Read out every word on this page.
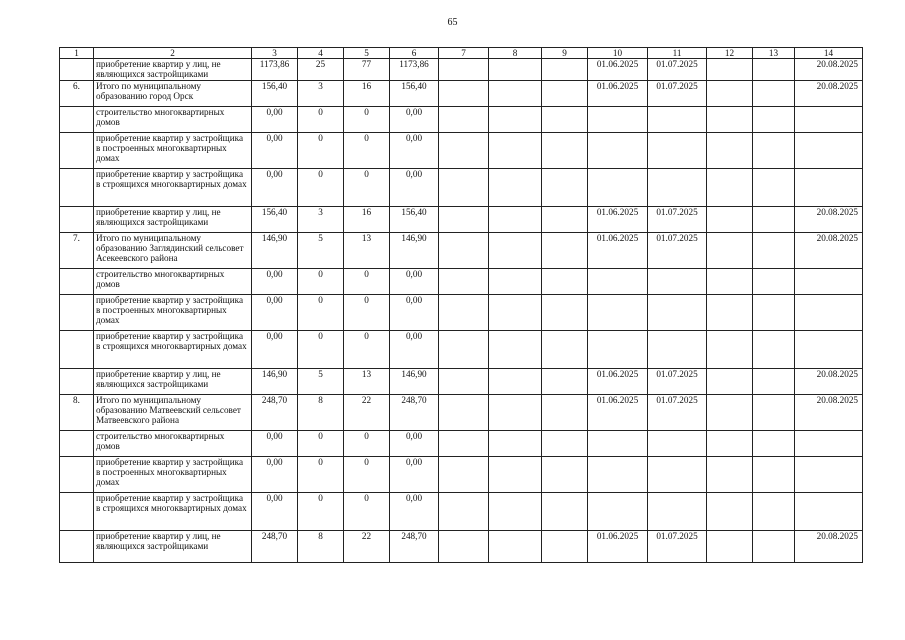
65
1	2	3	4	5	6	7	8	9	10	11	12	13	14
	приобретение квартир у лиц, не являющихся застройщиками	1173,86	25	77	1173,86				01.06.2025	01.07.2025			20.08.2025
6.	Итого по муниципальному образованию город Орск	156,40	3	16	156,40				01.06.2025	01.07.2025			20.08.2025
	строительство многоквартирных домов	0,00	0	0	0,00								
	приобретение квартир у застройщика в построенных многоквартирных домах	0,00	0	0	0,00								
	приобретение квартир у застройщика в строящихся многоквартирных домах	0,00	0	0	0,00								
	приобретение квартир у лиц, не являющихся застройщиками	156,40	3	16	156,40				01.06.2025	01.07.2025			20.08.2025
7.	Итого по муниципальному образованию Заглядинский сельсовет Асекеевского района	146,90	5	13	146,90				01.06.2025	01.07.2025			20.08.2025
	строительство многоквартирных домов	0,00	0	0	0,00								
	приобретение квартир у застройщика в построенных многоквартирных домах	0,00	0	0	0,00								
	приобретение квартир у застройщика в строящихся многоквартирных домах	0,00	0	0	0,00								
	приобретение квартир у лиц, не являющихся застройщиками	146,90	5	13	146,90				01.06.2025	01.07.2025			20.08.2025
8.	Итого по муниципальному образованию Матвеевский сельсовет Матвеевского района	248,70	8	22	248,70				01.06.2025	01.07.2025			20.08.2025
	строительство многоквартирных домов	0,00	0	0	0,00								
	приобретение квартир у застройщика в построенных многоквартирных домах	0,00	0	0	0,00								
	приобретение квартир у застройщика в строящихся многоквартирных домах	0,00	0	0	0,00								
	приобретение квартир у лиц, не являющихся застройщиками	248,70	8	22	248,70				01.06.2025	01.07.2025			20.08.2025
